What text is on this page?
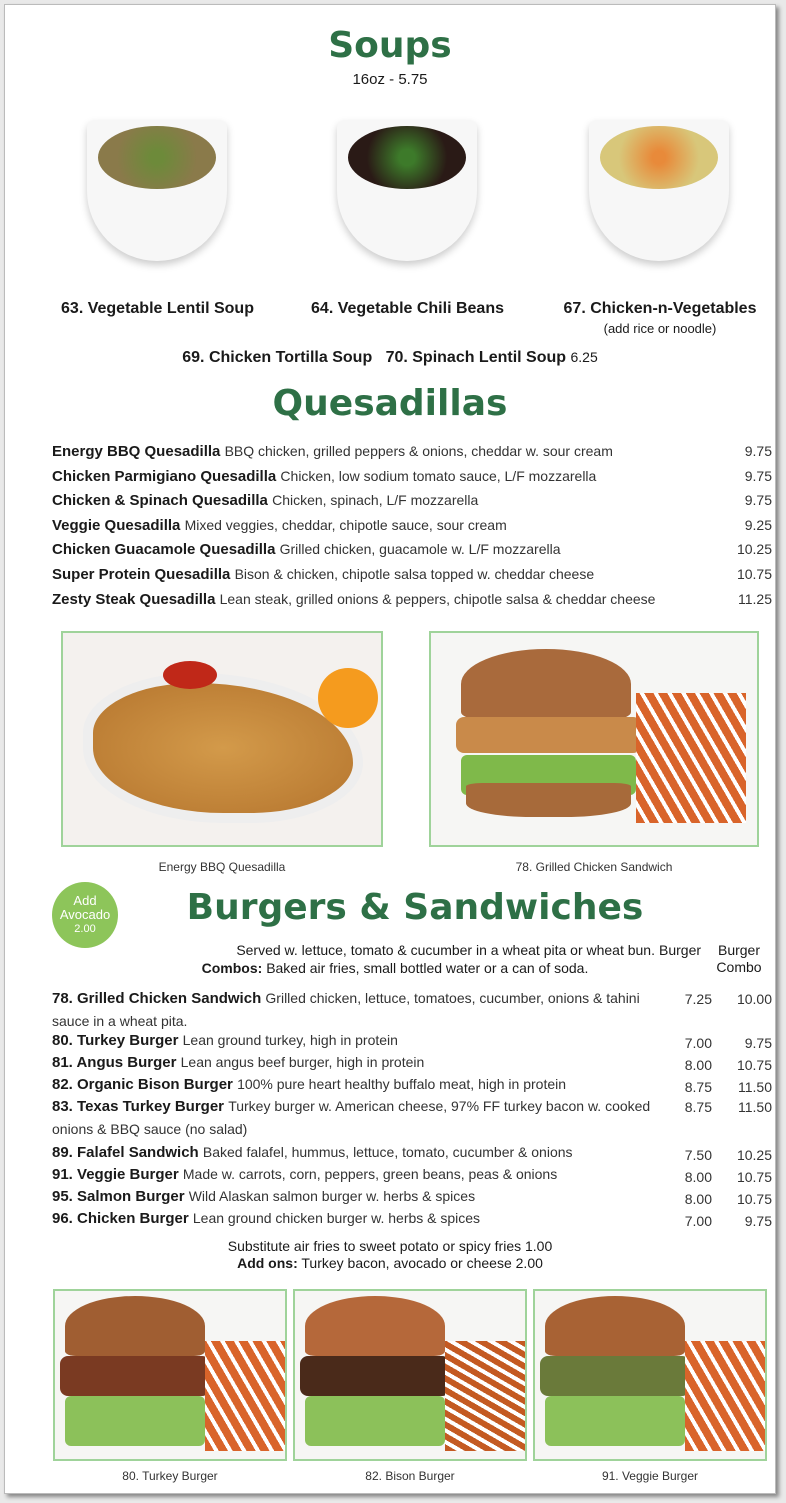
Soups
16oz - 5.75
63. Vegetable Lentil Soup	64. Vegetable Chili Beans	67. Chicken-n-Vegetables
(add rice or noodle)
69. Chicken Tortilla Soup 70. Spinach Lentil Soup 6.25
Quesadillas
Energy BBQ Quesadilla BBQ chicken, grilled peppers & onions, cheddar w. sour cream	9.75
Chicken Parmigiano Quesadilla Chicken, low sodium tomato sauce, L/F mozzarella	9.75
Chicken & Spinach Quesadilla Chicken, spinach, L/F mozzarella	9.75
Veggie Quesadilla Mixed veggies, cheddar, chipotle sauce, sour cream	9.25
Chicken Guacamole Quesadilla Grilled chicken, guacamole w. L/F mozzarella	10.25
Super Protein Quesadilla Bison & chicken, chipotle salsa topped w. cheddar cheese	10.75
Zesty Steak Quesadilla Lean steak, grilled onions & peppers, chipotle salsa & cheddar cheese	11.25
Energy BBQ Quesadilla	78. Grilled Chicken Sandwich
Add
Avocado
2.00
Burgers & Sandwiches
Served w. lettuce, tomato & cucumber in a wheat pita or wheat bun.
Combos: Baked air fries, small bottled water or a can of soda.
Burger	Burger Combo
78. Grilled Chicken Sandwich Grilled chicken, lettuce, tomatoes, cucumber, onions & tahini sauce in a wheat pita.
7.25 10.00
80. Turkey Burger Lean ground turkey, high in protein	7.00 9.75
81. Angus Burger Lean angus beef burger, high in protein	8.00 10.75
82. Organic Bison Burger 100% pure heart healthy buffalo meat, high in protein	8.75 11.50
83. Texas Turkey Burger Turkey burger w. American cheese, 97% FF turkey bacon w. cooked onions & BBQ sauce (no salad)
8.75 11.50
89. Falafel Sandwich Baked falafel, hummus, lettuce, tomato, cucumber & onions	7.50 10.25
91. Veggie Burger Made w. carrots, corn, peppers, green beans, peas & onions	8.00 10.75
95. Salmon Burger Wild Alaskan salmon burger w. herbs & spices	8.00 10.75
96. Chicken Burger Lean ground chicken burger w. herbs & spices	7.00 9.75
Substitute air fries to sweet potato or spicy fries 1.00
Add ons: Turkey bacon, avocado or cheese 2.00
80. Turkey Burger	82. Bison Burger	91. Veggie Burger
